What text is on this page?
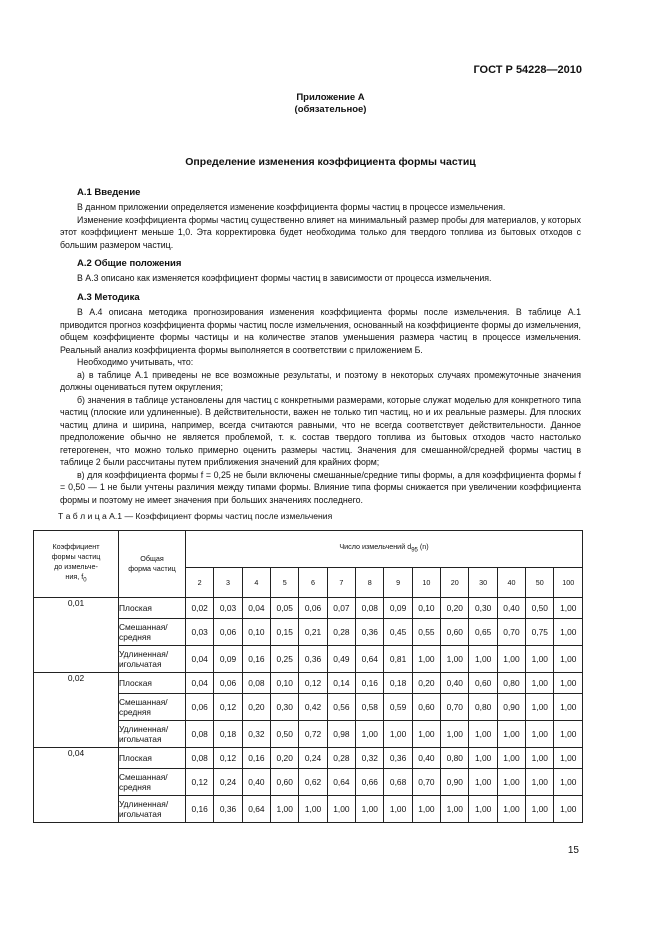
ГОСТ Р 54228—2010
Приложение А
(обязательное)
Определение изменения коэффициента формы частиц
А.1 Введение

В данном приложении определяется изменение коэффициента формы частиц в процессе измельчения.

Изменение коэффициента формы частиц существенно влияет на минимальный размер пробы для материалов, у которых этот коэффициент меньше 1,0. Эта корректировка будет необходима только для твердого топлива из бытовых отходов с большим размером частиц.

А.2 Общие положения

В А.3 описано как изменяется коэффициент формы частиц в зависимости от процесса измельчения.

А.3 Методика

В А.4 описана методика прогнозирования изменения коэффициента формы после измельчения. В таблице А.1 приводится прогноз коэффициента формы частиц после измельчения, основанный на коэффициенте формы до измельчения, общем коэффициенте формы частицы и на количестве этапов уменьшения размера частиц в процессе измельчения. Реальный анализ коэффициента формы выполняется в соответствии с приложением Б.

Необходимо учитывать, что:

а) в таблице А.1 приведены не все возможные результаты, и поэтому в некоторых случаях промежуточные значения должны оцениваться путем округления;

б) значения в таблице установлены для частиц с конкретными размерами, которые служат моделью для конкретного типа частиц (плоские или удлиненные). В действительности, важен не только тип частиц, но и их реальные размеры. Для плоских частиц длина и ширина, например, всегда считаются равными, что не всегда соответствует действительности. Данное предположение обычно не является проблемой, т. к. состав твердого топлива из бытовых отходов часто настолько гетерогенен, что можно только примерно оценить размеры частиц. Значения для смешанной/средней формы частиц в таблице 2 были рассчитаны путем приближения значений для крайних форм;

в) для коэффициента формы f = 0,25 не были включены смешанные/средние типы формы, а для коэффициента формы f = 0,50 — 1 не были учтены различия между типами формы. Влияние типа формы снижается при увеличении коэффициента формы и поэтому не имеет значения при больших значениях последнего.

Т а б л и ц а А.1 — Коэффициент формы частиц после измельчения
Коэффициент
формы частиц
до измельче-
ния, $f_0$	Общая
форма частиц	Число измельчений $d_{95}$ (n)													
		2	3	4	5	6	7	8	9	10	20	30	40	50	100
0,01	Плоская	0,02	0,03	0,04	0,05	0,06	0,07	0,08	0,09	0,10	0,20	0,30	0,40	0,50	1,00
	Смешанная/
средняя	0,03	0,06	0,10	0,15	0,21	0,28	0,36	0,45	0,55	0,60	0,65	0,70	0,75	1,00
	Удлиненная/
игольчатая	0,04	0,09	0,16	0,25	0,36	0,49	0,64	0,81	1,00	1,00	1,00	1,00	1,00	1,00
0,02	Плоская	0,04	0,06	0,08	0,10	0,12	0,14	0,16	0,18	0,20	0,40	0,60	0,80	1,00	1,00
	Смешанная/
средняя	0,06	0,12	0,20	0,30	0,42	0,56	0,58	0,59	0,60	0,70	0,80	0,90	1,00	1,00
	Удлиненная/
игольчатая	0,08	0,18	0,32	0,50	0,72	0,98	1,00	1,00	1,00	1,00	1,00	1,00	1,00	1,00
0,04	Плоская	0,08	0,12	0,16	0,20	0,24	0,28	0,32	0,36	0,40	0,80	1,00	1,00	1,00	1,00
	Смешанная/
средняя	0,12	0,24	0,40	0,60	0,62	0,64	0,66	0,68	0,70	0,90	1,00	1,00	1,00	1,00
	Удлиненная/
игольчатая	0,16	0,36	0,64	1,00	1,00	1,00	1,00	1,00	1,00	1,00	1,00	1,00	1,00	1,00
15
